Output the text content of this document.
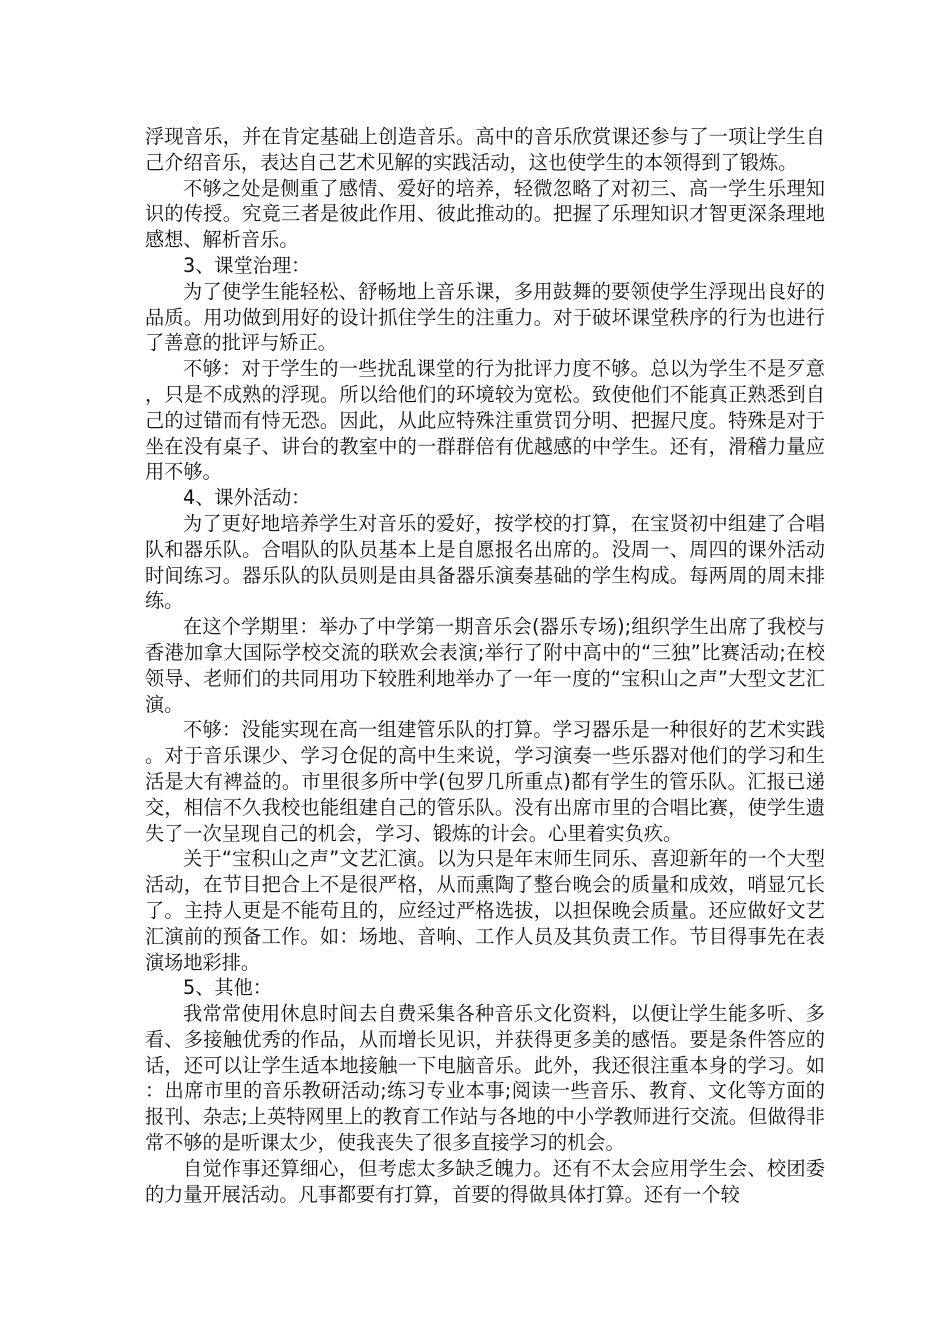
浮现音乐，并在肯定基础上创造音乐。高中的音乐欣赏课还参与了一项让学生自己介绍音乐，表达自己艺术见解的实践活动，这也使学生的本领得到了锻炼。

不够之处是侧重了感情、爱好的培养，轻微忽略了对初三、高一学生乐理知识的传授。究竟三者是彼此作用、彼此推动的。把握了乐理知识才智更深条理地感想、解析音乐。

3、课堂治理：

为了使学生能轻松、舒畅地上音乐课，多用鼓舞的要领使学生浮现出良好的品质。用功做到用好的设计抓住学生的注重力。对于破坏课堂秩序的行为也进行了善意的批评与矫正。

不够：对于学生的一些扰乱课堂的行为批评力度不够。总以为学生不是歹意，只是不成熟的浮现。所以给他们的环境较为宽松。致使他们不能真正熟悉到自己的过错而有恃无恐。因此，从此应特殊注重赏罚分明、把握尺度。特殊是对于坐在没有桌子、讲台的教室中的一群群倍有优越感的中学生。还有，滑稽力量应用不够。

4、课外活动：

为了更好地培养学生对音乐的爱好，按学校的打算，在宝贤初中组建了合唱队和器乐队。合唱队的队员基本上是自愿报名出席的。没周一、周四的课外活动时间练习。器乐队的队员则是由具备器乐演奏基础的学生构成。每两周的周末排练。

在这个学期里：举办了中学第一期音乐会(器乐专场);组织学生出席了我校与香港加拿大国际学校交流的联欢会表演;举行了附中高中的“三独”比赛活动;在校领导、老师们的共同用功下较胜利地举办了一年一度的“宝积山之声”大型文艺汇演。

不够：没能实现在高一组建管乐队的打算。学习器乐是一种很好的艺术实践。对于音乐课少、学习仓促的高中生来说，学习演奏一些乐器对他们的学习和生活是大有裨益的。市里很多所中学(包罗几所重点)都有学生的管乐队。汇报已递交，相信不久我校也能组建自己的管乐队。没有出席市里的合唱比赛，使学生遗失了一次呈现自己的机会，学习、锻炼的计会。心里着实负疚。

关于“宝积山之声”文艺汇演。以为只是年末师生同乐、喜迎新年的一个大型活动，在节目把合上不是很严格，从而熏陶了整台晚会的质量和成效，哨显冗长了。主持人更是不能苟且的，应经过严格选拔，以担保晚会质量。还应做好文艺汇演前的预备工作。如：场地、音响、工作人员及其负责工作。节目得事先在表演场地彩排。

5、其他：

我常常使用休息时间去自费采集各种音乐文化资料，以便让学生能多听、多看、多接触优秀的作品，从而增长见识，并获得更多美的感悟。要是条件答应的话，还可以让学生适本地接触一下电脑音乐。此外，我还很注重本身的学习。如：出席市里的音乐教研活动;练习专业本事;阅读一些音乐、教育、文化等方面的报刊、杂志;上英特网里上的教育工作站与各地的中小学教师进行交流。但做得非常不够的是听课太少，使我丧失了很多直接学习的机会。

自觉作事还算细心，但考虑太多缺乏魄力。还有不太会应用学生会、校团委的力量开展活动。凡事都要有打算，首要的得做具体打算。还有一个较
